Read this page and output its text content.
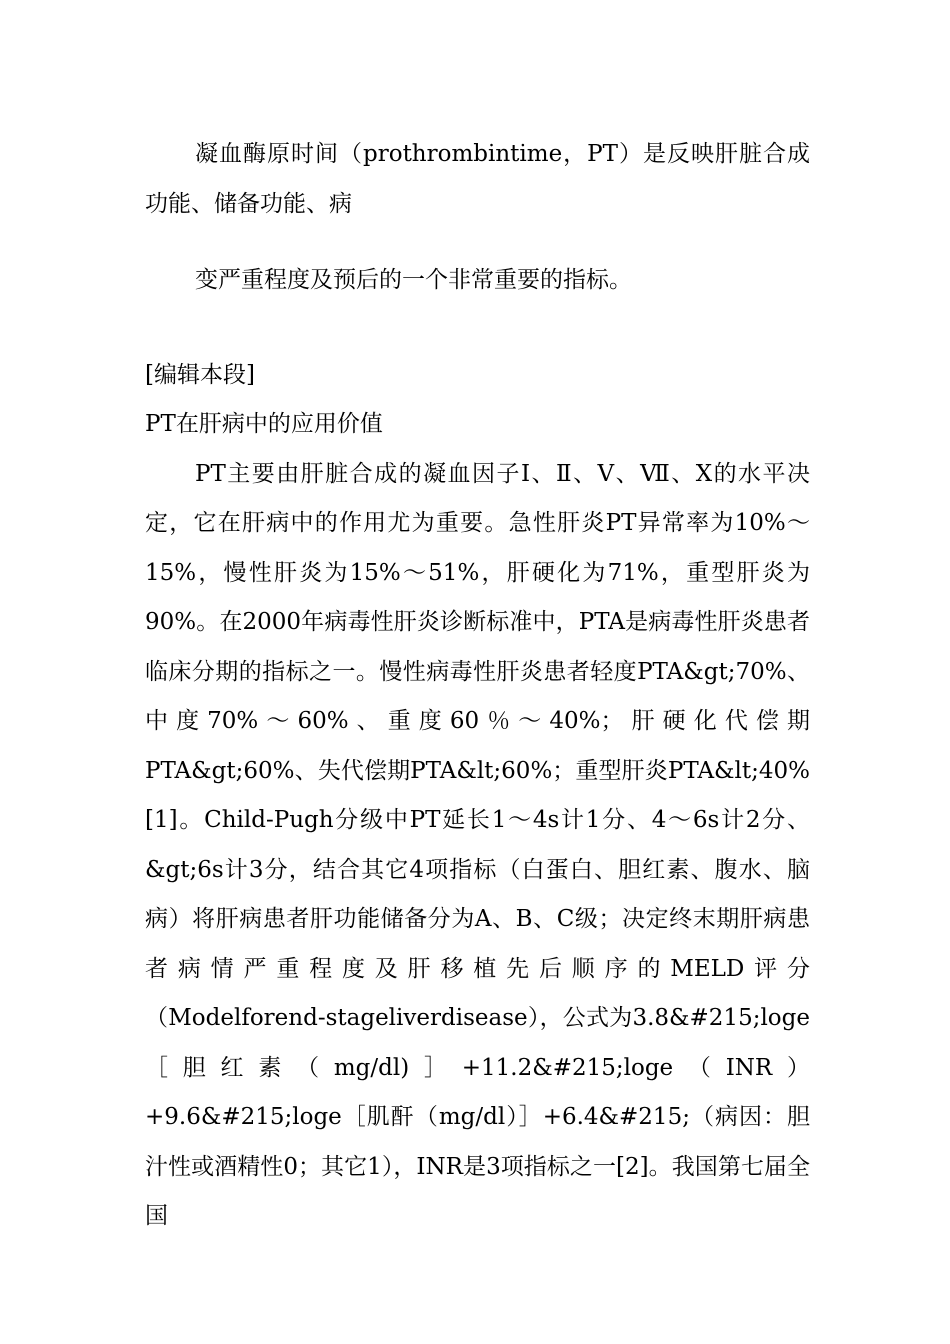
凝血酶原时间（prothrombintime，PT）是反映肝脏合成功能、储备功能、病

变严重程度及预后的一个非常重要的指标。

[编辑本段]

PT在肝病中的应用价值

PT主要由肝脏合成的凝血因子Ⅰ、Ⅱ、Ⅴ、Ⅶ、Ⅹ的水平决定，它在肝病中的作用尤为重要。急性肝炎PT异常率为10%～15%，慢性肝炎为15%～51%，肝硬化为71%，重型肝炎为90%。在2000年病毒性肝炎诊断标准中，PTA是病毒性肝炎患者临床分期的指标之一。慢性病毒性肝炎患者轻度PTA&gt;70%、中度70%～60%、重度60％～40%；肝硬化代偿期PTA&gt;60%、失代偿期PTA&lt;60%；重型肝炎PTA&lt;40%[1]。Child-Pugh分级中PT延长1～4s计1分、4～6s计2分、&gt;6s计3分，结合其它4项指标（白蛋白、胆红素、腹水、脑病）将肝病患者肝功能储备分为A、B、C级；决定终末期肝病患者病情严重程度及肝移植先后顺序的MELD评分（Modelforend-stageliverdisease），公式为3.8&#215;loge［胆红素（mg/dl)］+11.2&#215;loge（INR）+9.6&#215;loge［肌酐（mg/dl）］+6.4&#215;（病因：胆汁性或酒精性0；其它1），INR是3项指标之一[2]。我国第七届全国
